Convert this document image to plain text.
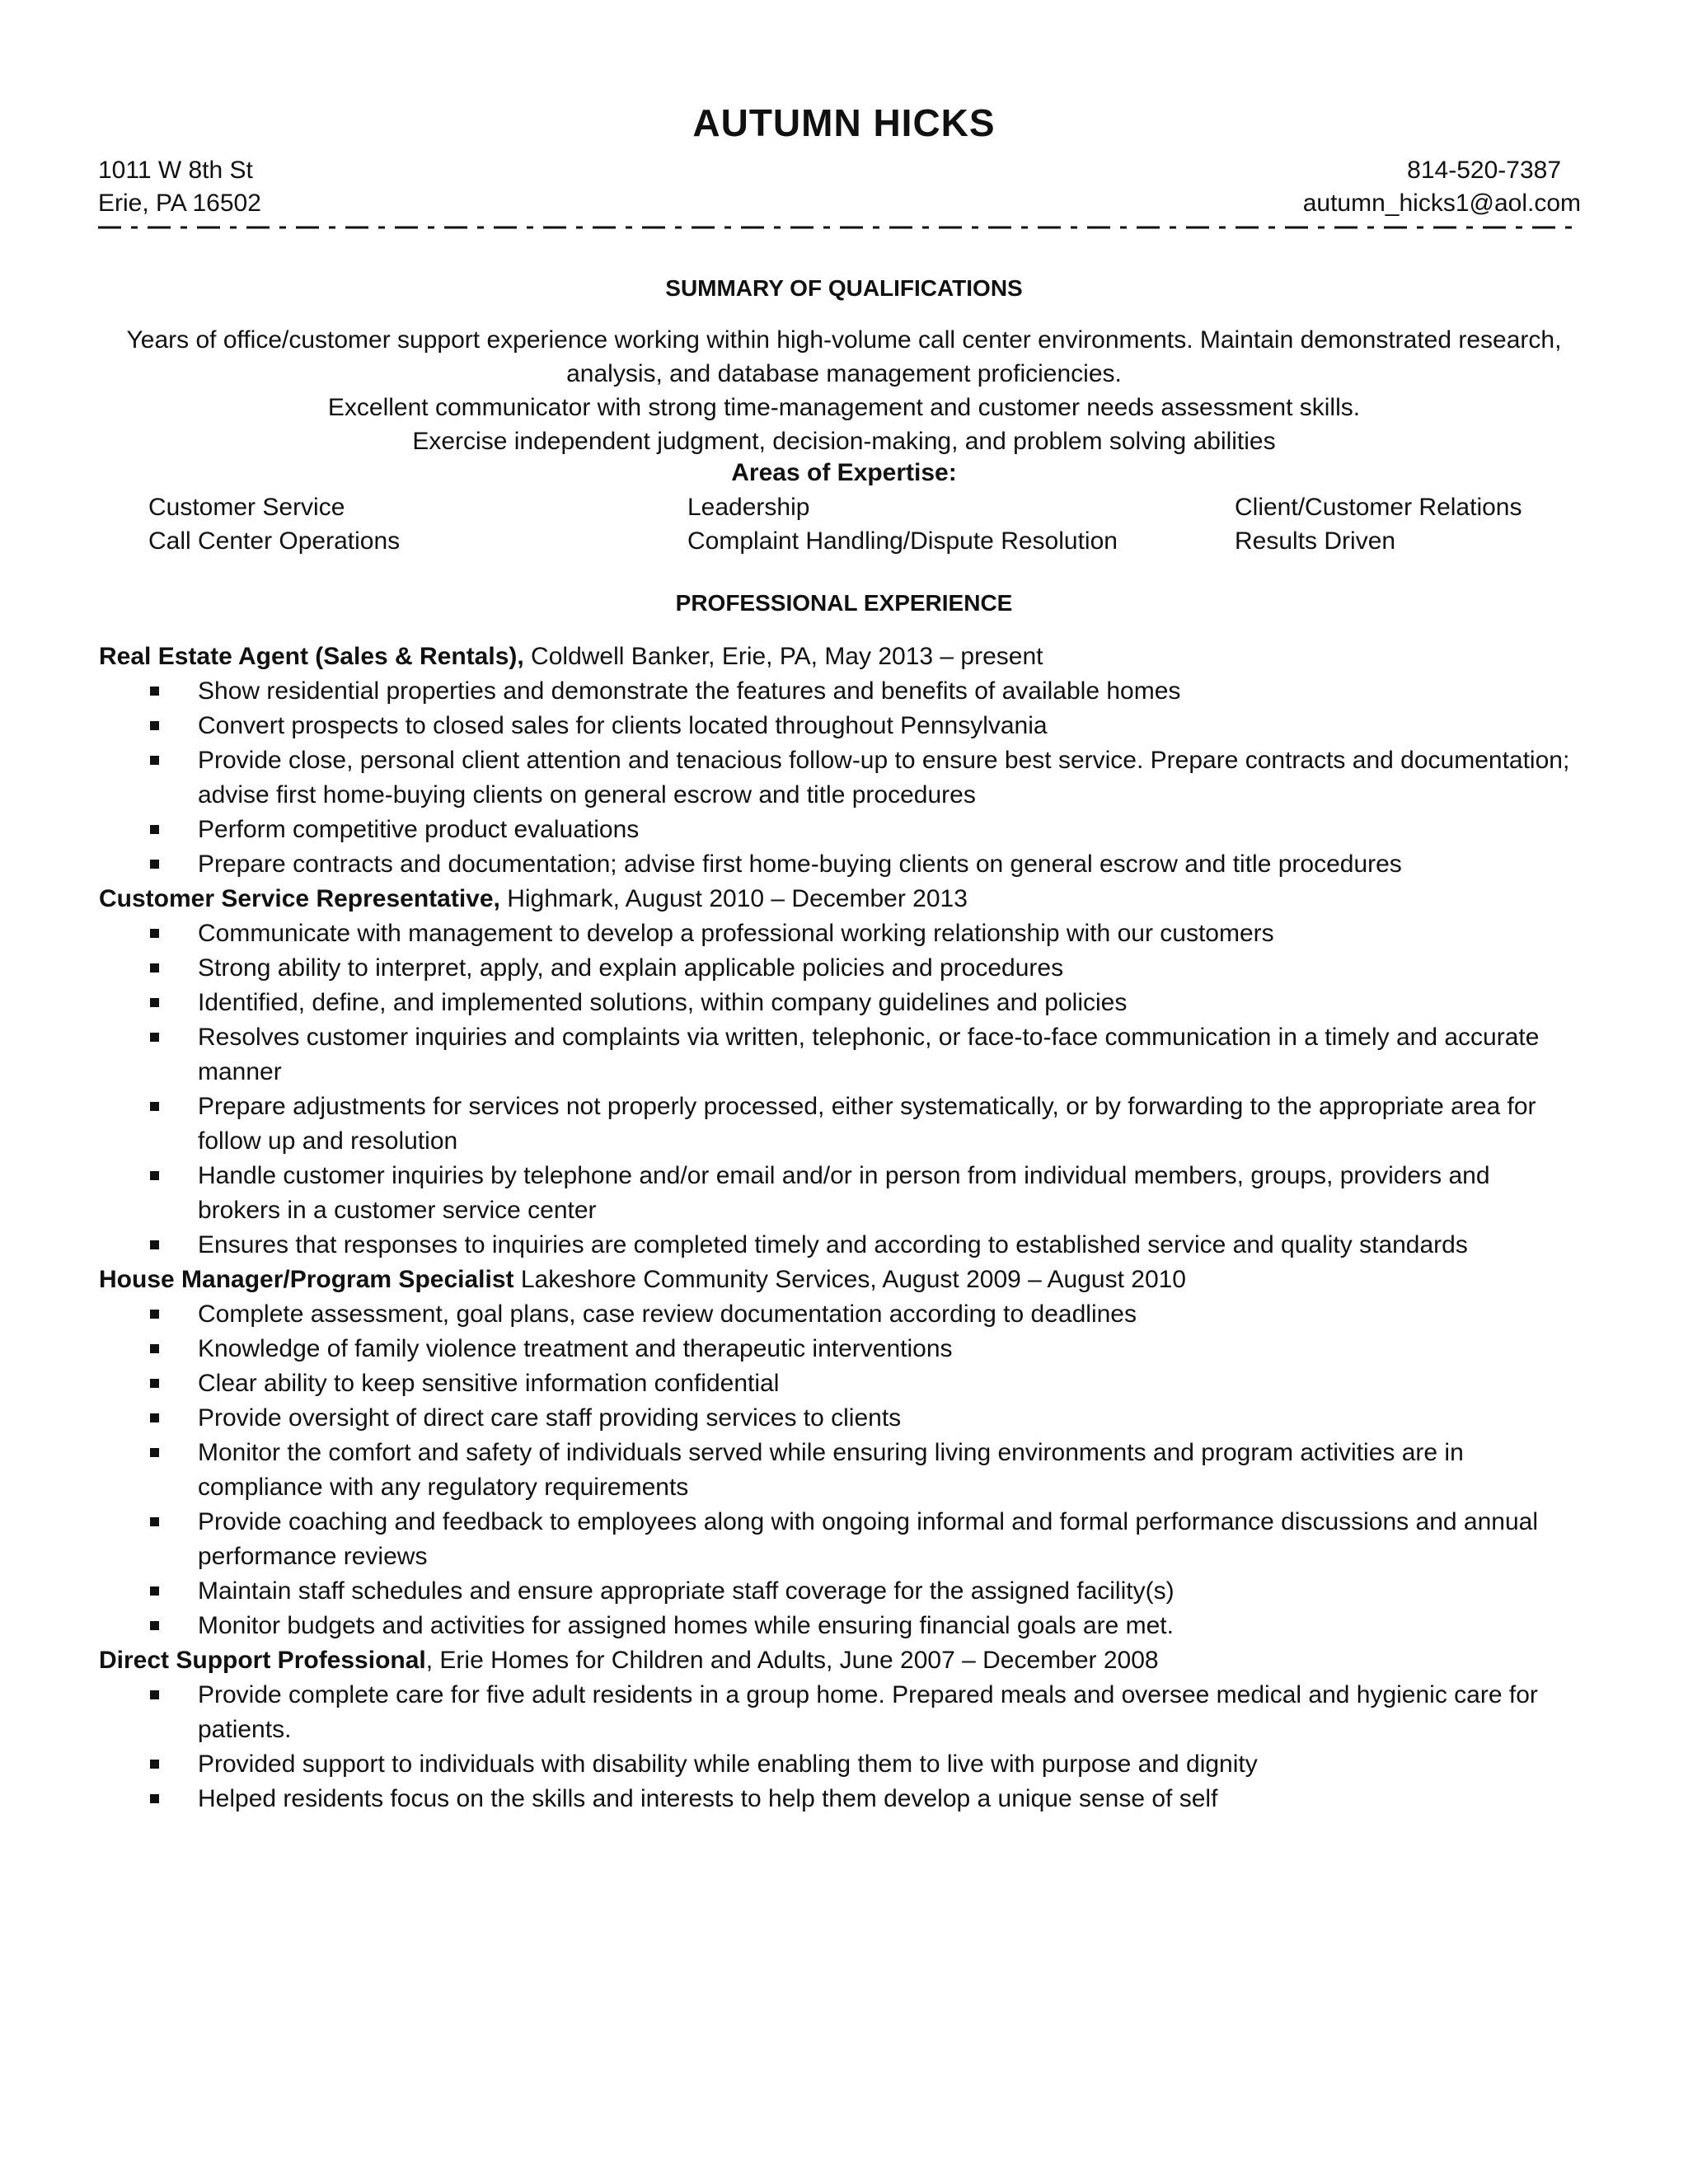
AUTUMN HICKS
1011 W 8th St
Erie, PA 16502
814-520-7387
autumn_hicks1@aol.com
SUMMARY OF QUALIFICATIONS

Years of office/customer support experience working within high-volume call center environments. Maintain demonstrated research, analysis, and database management proficiencies.

Excellent communicator with strong time-management and customer needs assessment skills.

Exercise independent judgment, decision-making, and problem solving abilities

Areas of Expertise:
Customer Service
Call Center Operations
Leadership
Complaint Handling/Dispute Resolution
Client/Customer Relations
Results Driven
PROFESSIONAL EXPERIENCE

Real Estate Agent (Sales & Rentals), Coldwell Banker, Erie, PA, May 2013 – present

Show residential properties and demonstrate the features and benefits of available homes
Convert prospects to closed sales for clients located throughout Pennsylvania
Provide close, personal client attention and tenacious follow-up to ensure best service. Prepare contracts and documentation; advise first home-buying clients on general escrow and title procedures
Perform competitive product evaluations
Prepare contracts and documentation; advise first home-buying clients on general escrow and title procedures

Customer Service Representative, Highmark, August 2010 – December 2013

Communicate with management to develop a professional working relationship with our customers
Strong ability to interpret, apply, and explain applicable policies and procedures
Identified, define, and implemented solutions, within company guidelines and policies
Resolves customer inquiries and complaints via written, telephonic, or face-to-face communication in a timely and accurate manner
Prepare adjustments for services not properly processed, either systematically, or by forwarding to the appropriate area for follow up and resolution
Handle customer inquiries by telephone and/or email and/or in person from individual members, groups, providers and brokers in a customer service center
Ensures that responses to inquiries are completed timely and according to established service and quality standards

House Manager/Program Specialist Lakeshore Community Services, August 2009 – August 2010

Complete assessment, goal plans, case review documentation according to deadlines
Knowledge of family violence treatment and therapeutic interventions
Clear ability to keep sensitive information confidential
Provide oversight of direct care staff providing services to clients
Monitor the comfort and safety of individuals served while ensuring living environments and program activities are in compliance with any regulatory requirements
Provide coaching and feedback to employees along with ongoing informal and formal performance discussions and annual performance reviews
Maintain staff schedules and ensure appropriate staff coverage for the assigned facility(s)
Monitor budgets and activities for assigned homes while ensuring financial goals are met.

Direct Support Professional, Erie Homes for Children and Adults, June 2007 – December 2008

Provide complete care for five adult residents in a group home. Prepared meals and oversee medical and hygienic care for patients.
Provided support to individuals with disability while enabling them to live with purpose and dignity
Helped residents focus on the skills and interests to help them develop a unique sense of self
